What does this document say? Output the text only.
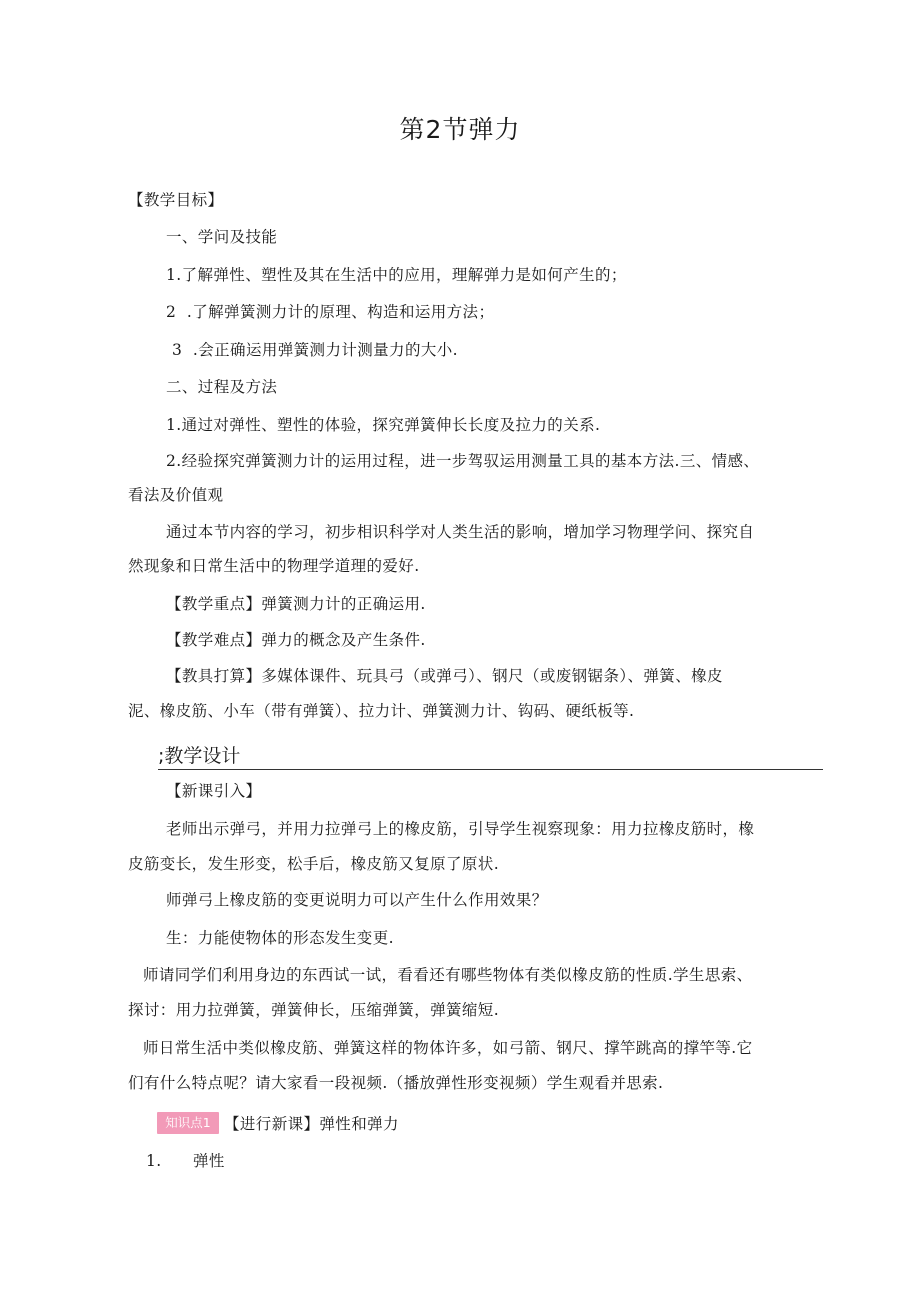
第2节弹力

【教学目标】

一、学问及技能

1.了解弹性、塑性及其在生活中的应用，理解弹力是如何产生的；

2  .了解弹簧测力计的原理、构造和运用方法；

3  .会正确运用弹簧测力计测量力的大小.

二、过程及方法

1.通过对弹性、塑性的体验，探究弹簧伸长长度及拉力的关系.

2.经验探究弹簧测力计的运用过程，进一步驾驭运用测量工具的基本方法.三、情感、

看法及价值观

通过本节内容的学习，初步相识科学对人类生活的影响，增加学习物理学问、探究自

然现象和日常生活中的物理学道理的爱好.

【教学重点】弹簧测力计的正确运用.

【教学难点】弹力的概念及产生条件.

【教具打算】多媒体课件、玩具弓（或弹弓）、钢尺（或废钢锯条）、弹簧、橡皮

泥、橡皮筋、小车（带有弹簧）、拉力计、弹簧测力计、钩码、硬纸板等.

;教学设计

【新课引入】

老师出示弹弓，并用力拉弹弓上的橡皮筋，引导学生视察现象：用力拉橡皮筋时，橡

皮筋变长，发生形变，松手后，橡皮筋又复原了原状.

师弹弓上橡皮筋的变更说明力可以产生什么作用效果？

生：力能使物体的形态发生变更.

师请同学们利用身边的东西试一试，看看还有哪些物体有类似橡皮筋的性质.学生思索、

探讨：用力拉弹簧，弹簧伸长，压缩弹簧，弹簧缩短.

师日常生活中类似橡皮筋、弹簧这样的物体许多，如弓箭、钢尺、撑竿跳高的撑竿等.它

们有什么特点呢？请大家看一段视频.（播放弹性形变视频）学生观看并思索.

知识点1 【进行新课】弹性和弹力

1. 弹性
